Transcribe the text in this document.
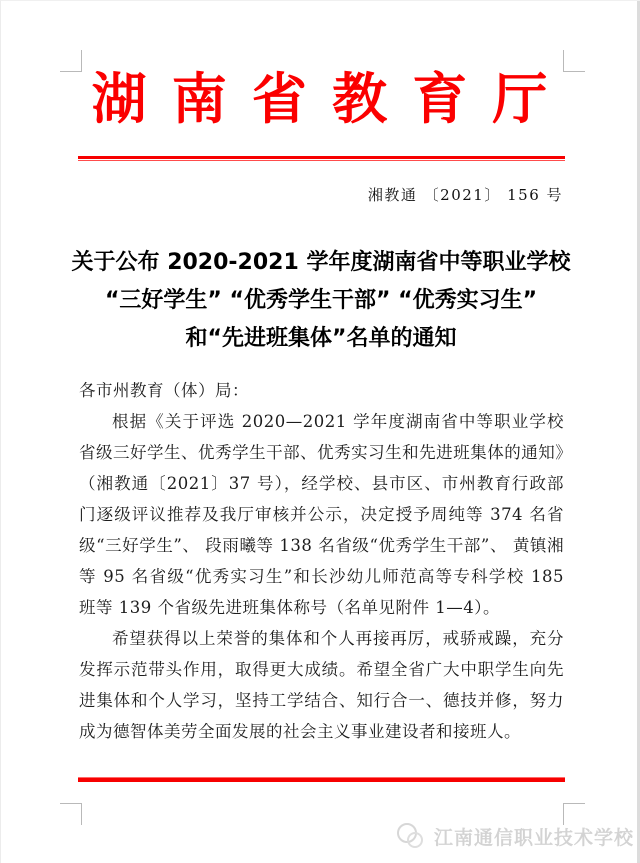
湖 南 省 教 育 厅
湘教通 〔2021〕 156 号
关于公布 2020-2021 学年度湖南省中等职业学校
“三好学生” “优秀学生干部” “优秀实习生”
和“先进班集体”名单的通知

各市州教育（体）局：

根据《关于评选 2020—2021 学年度湖南省中等职业学校省级三好学生、优秀学生干部、优秀实习生和先进班集体的通知》（湘教通〔2021〕37 号），经学校、县市区、市州教育行政部门逐级评议推荐及我厅审核并公示，决定授予周纯等 374 名省级“三好学生”、 段雨曦等 138 名省级“优秀学生干部”、 黄镇湘等 95 名省级“优秀实习生”和长沙幼儿师范高等专科学校 185 班等 139 个省级先进班集体称号（名单见附件 1—4）。

希望获得以上荣誉的集体和个人再接再厉，戒骄戒躁，充分发挥示范带头作用，取得更大成绩。希望全省广大中职学生向先进集体和个人学习，坚持工学结合、知行合一、德技并修，努力成为德智体美劳全面发展的社会主义事业建设者和接班人。

江南通信职业技术学校
